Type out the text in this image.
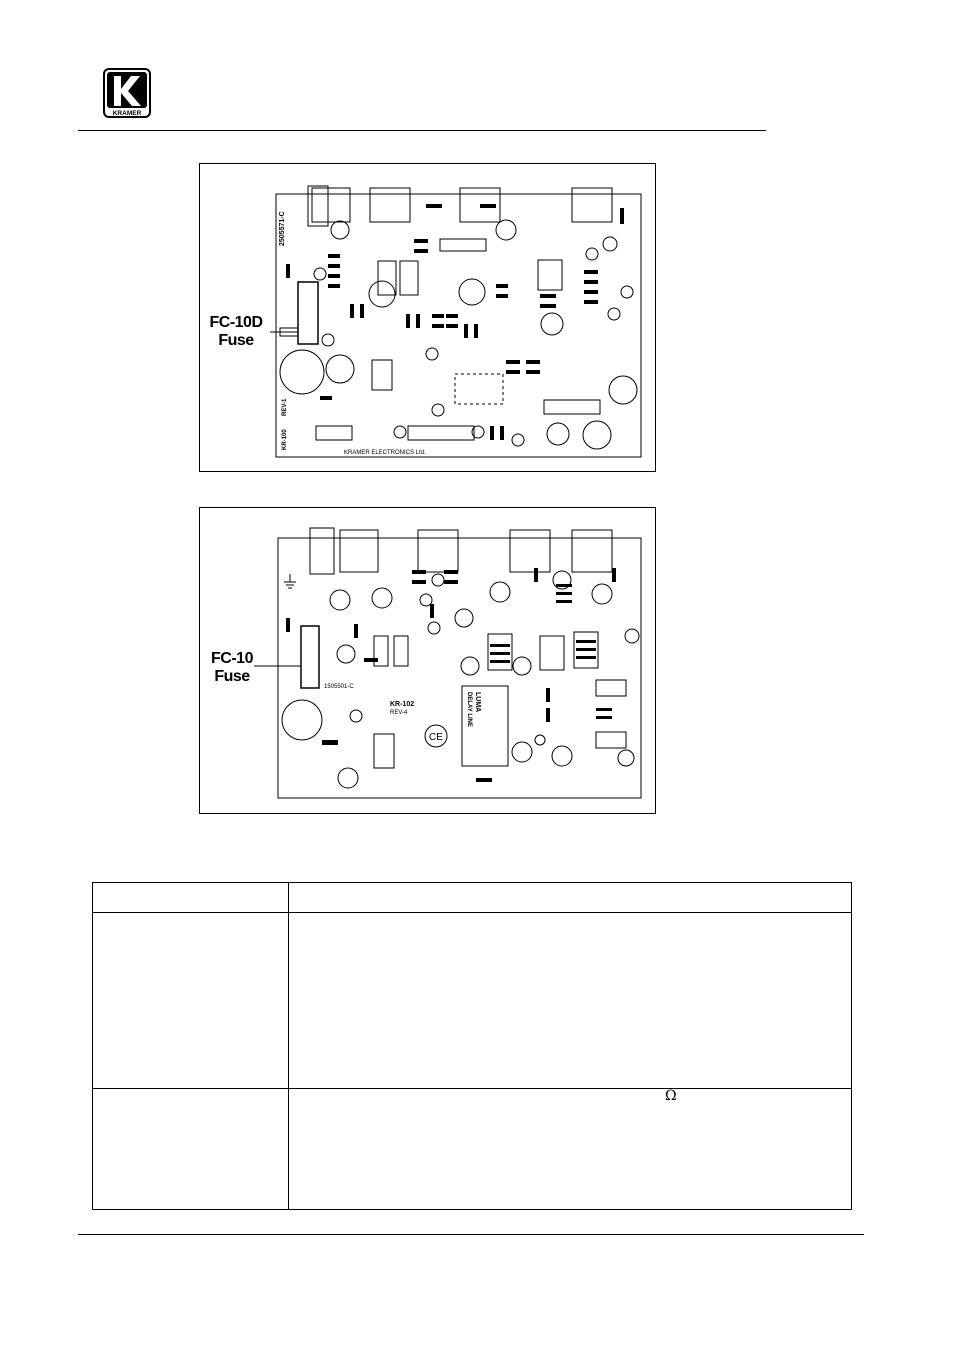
KRAMER
2505571-C
REV-1
KR-100
KRAMER ELECTRONICS Ltd.
FC-10D
Fuse
KR-102
REV-4
1505501-C
LUMA
DELAY LINE
CE
FC-10
Fuse
Ω
